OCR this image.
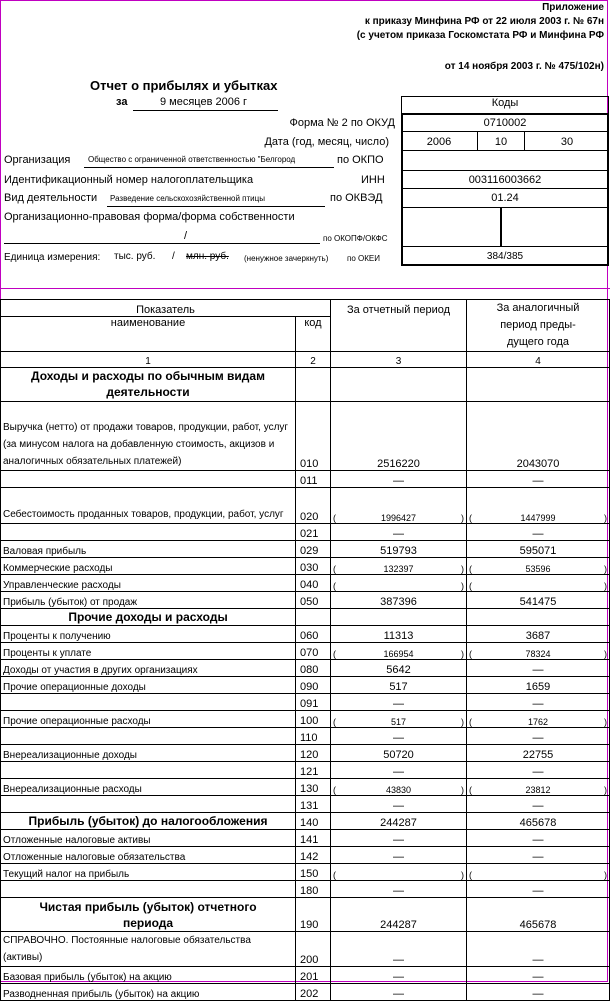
Приложение
к приказу Минфина РФ от 22 июля 2003 г. № 67н
(с учетом приказа Госкомстата РФ и Минфина РФ
от 14 ноября 2003 г. № 475/102н)
Отчет о прибылях и убытках
за	9 месяцев 2006 г	Коды
Форма № 2 по ОКУД	0710002
Дата (год, месяц, число)	2006	10	30
Организация Общество с ограниченной ответственностью "Белгород	по ОКПО
Идентификационный номер налогоплательщика	ИНН	003116003662
Вид деятельности Разведение сельскохозяйственной птицы	по ОКВЭД	01.24
Организационно-правовая форма/форма собственности
/	по ОКОПФ/ОКФС
Единица измерения: тыс. руб. / млн. руб. (ненужное зачеркнуть) по ОКЕИ	384/385
Показатель		За отчетный период	За аналогичный период преды- дущего года
наименование	код		
1	2	3	4
Доходы и расходы по обычным видам деятельности			
Выручка (нетто) от продажи товаров, продукции, работ, услуг (за минусом налога на добавленную стоимость, акцизов и аналогичных обязательных платежей)	010	2516220	2043070
	011	—	—
Себестоимость проданных товаров, продукции, работ, услуг	020	( 1996427 )	( 1447999 )

	021	—	—
Валовая прибыль	029	519793	595071
Коммерческие расходы	030	( 132397 )	( 53596 )

Управленческие расходы	040	( )	( )

Прибыль (убыток) от продаж	050	387396	541475
Прочие доходы и расходы			
Проценты к получению	060	11313	3687
Проценты к уплате	070	( 166954 )	( 78324 )

Доходы от участия в других организациях	080	5642	—
Прочие операционные доходы	090	517	1659
	091	—	—
Прочие операционные расходы	100	( 517 )	( 1762 )

	110	—	—
Внереализационные доходы	120	50720	22755
	121	—	—
Внереализационные расходы	130	( 43830 )	( 23812 )

	131	—	—
Прибыль (убыток) до налогообложения	140	244287	465678
Отложенные налоговые активы	141	—	—
Отложенные налоговые обязательства	142	—	—
Текущий налог на прибыль	150	( )	( )

	180	—	—
Чистая прибыль (убыток) отчетного периода	190	244287	465678
СПРАВОЧНО. Постоянные налоговые обязательства (активы)	200	—	—
Базовая прибыль (убыток) на акцию	201	—	—
Разводненная прибыль (убыток) на акцию	202	—	—
